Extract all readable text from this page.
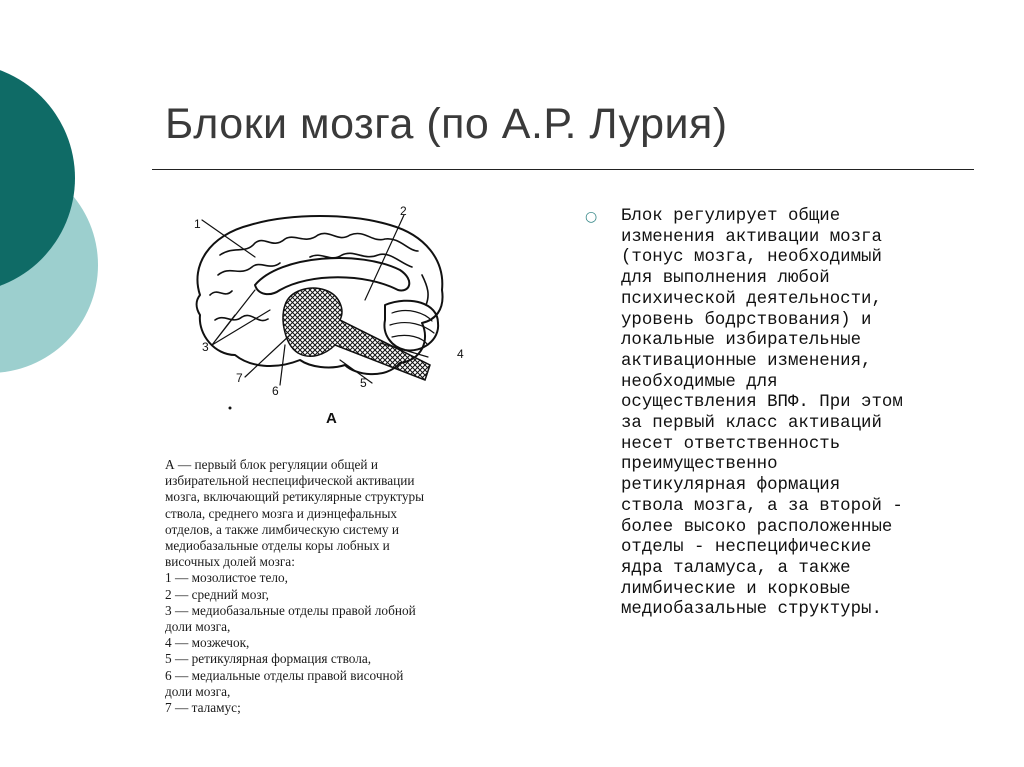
Блоки мозга (по А.Р. Лурия)
1
2
3	4
5
6
7
А
А — первый блок регуляции общей и
избирательной неспецифической активации
мозга, включающий ретикулярные структуры
ствола, среднего мозга и диэнцефальных
отделов, а также лимбическую систему и
медиобазальные отделы коры лобных и
височных долей мозга:
1 — мозолистое тело,
2 — средний мозг,
3 — медиобазальные отделы правой лобной
доли мозга,
4 — мозжечок,
5 — ретикулярная формация ствола,
6 — медиальные отделы правой височной
доли мозга,
7 — таламус;
○ Блок регулирует общие
изменения активации мозга
(тонус мозга, необходимый
для выполнения любой
психической деятельности,
уровень бодрствования) и
локальные избирательные
активационные изменения,
необходимые для
осуществления ВПФ. При этом
за первый класс активаций
несет ответственность
преимущественно
ретикулярная формация
ствола мозга, а за второй -
более высоко расположенные
отделы - неспецифические
ядра таламуса, а также
лимбические и корковые
медиобазальные структуры.
